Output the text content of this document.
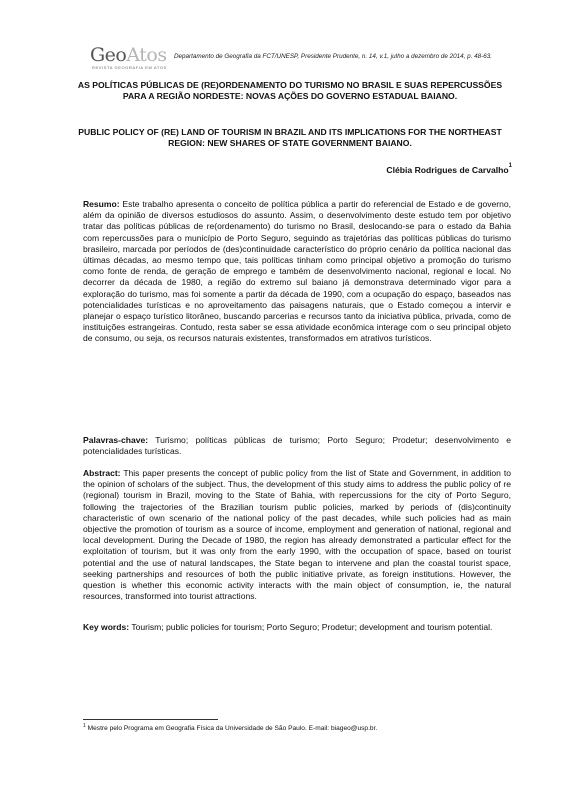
GeoAtos
REVISTA GEOGRAFIA EM ATOS
Departamento de Geografia da FCT/UNESP, Presidente Prudente, n. 14, v.1, julho a dezembro de 2014, p. 48-63.

AS POLÍTICAS PÚBLICAS DE (RE)ORDENAMENTO DO TURISMO NO BRASIL E SUAS REPERCUSSÕES PARA A REGIÃO NORDESTE: NOVAS AÇÕES DO GOVERNO ESTADUAL BAIANO.

PUBLIC POLICY OF (RE) LAND OF TOURISM IN BRAZIL AND ITS IMPLICATIONS FOR THE NORTHEAST REGION: NEW SHARES OF STATE GOVERNMENT BAIANO.

Clébia Rodrigues de Carvalho$^1$

Resumo: Este trabalho apresenta o conceito de política pública a partir do referencial de Estado e de governo, além da opinião de diversos estudiosos do assunto. Assim, o desenvolvimento deste estudo tem por objetivo tratar das políticas públicas de re(ordenamento) do turismo no Brasil, deslocando-se para o estado da Bahia com repercussões para o município de Porto Seguro, seguindo as trajetórias das políticas públicas do turismo brasileiro, marcada por períodos de (des)continuidade característico do próprio cenário da política nacional das últimas décadas, ao mesmo tempo que, tais políticas tinham como principal objetivo a promoção do turismo como fonte de renda, de geração de emprego e também de desenvolvimento nacional, regional e local. No decorrer da década de 1980, a região do extremo sul baiano já demonstrava determinado vigor para a exploração do turismo, mas foi somente a partir da década de 1990, com a ocupação do espaço, baseados nas potencialidades turísticas e no aproveitamento das paisagens naturais, que o Estado começou a intervir e planejar o espaço turístico litorâneo, buscando parcerias e recursos tanto da iniciativa pública, privada, como de instituições estrangeiras. Contudo, resta saber se essa atividade econômica interage com o seu principal objeto de consumo, ou seja, os recursos naturais existentes, transformados em atrativos turísticos.

Palavras-chave: Turismo; políticas públicas de turismo; Porto Seguro; Prodetur; desenvolvimento e potencialidades turísticas.

Abstract: This paper presents the concept of public policy from the list of State and Government, in addition to the opinion of scholars of the subject. Thus, the development of this study aims to address the public policy of re (regional) tourism in Brazil, moving to the State of Bahia, with repercussions for the city of Porto Seguro, following the trajectories of the Brazilian tourism public policies, marked by periods of (dis)continuity characteristic of own scenario of the national policy of the past decades, while such policies had as main objective the promotion of tourism as a source of income, employment and generation of national, regional and local development. During the Decade of 1980, the region has already demonstrated a particular effect for the exploitation of tourism, but it was only from the early 1990, with the occupation of space, based on tourist potential and the use of natural landscapes, the State began to intervene and plan the coastal tourist space, seeking partnerships and resources of both the public initiative private, as foreign institutions. However, the question is whether this economic activity interacts with the main object of consumption, ie, the natural resources, transformed into tourist attractions.

Key words: Tourism; public policies for tourism; Porto Seguro; Prodetur; development and tourism potential.

$^1$ Mestre pelo Programa em Geografia Física da Universidade de São Paulo. E-mail: biageo@usp.br.
